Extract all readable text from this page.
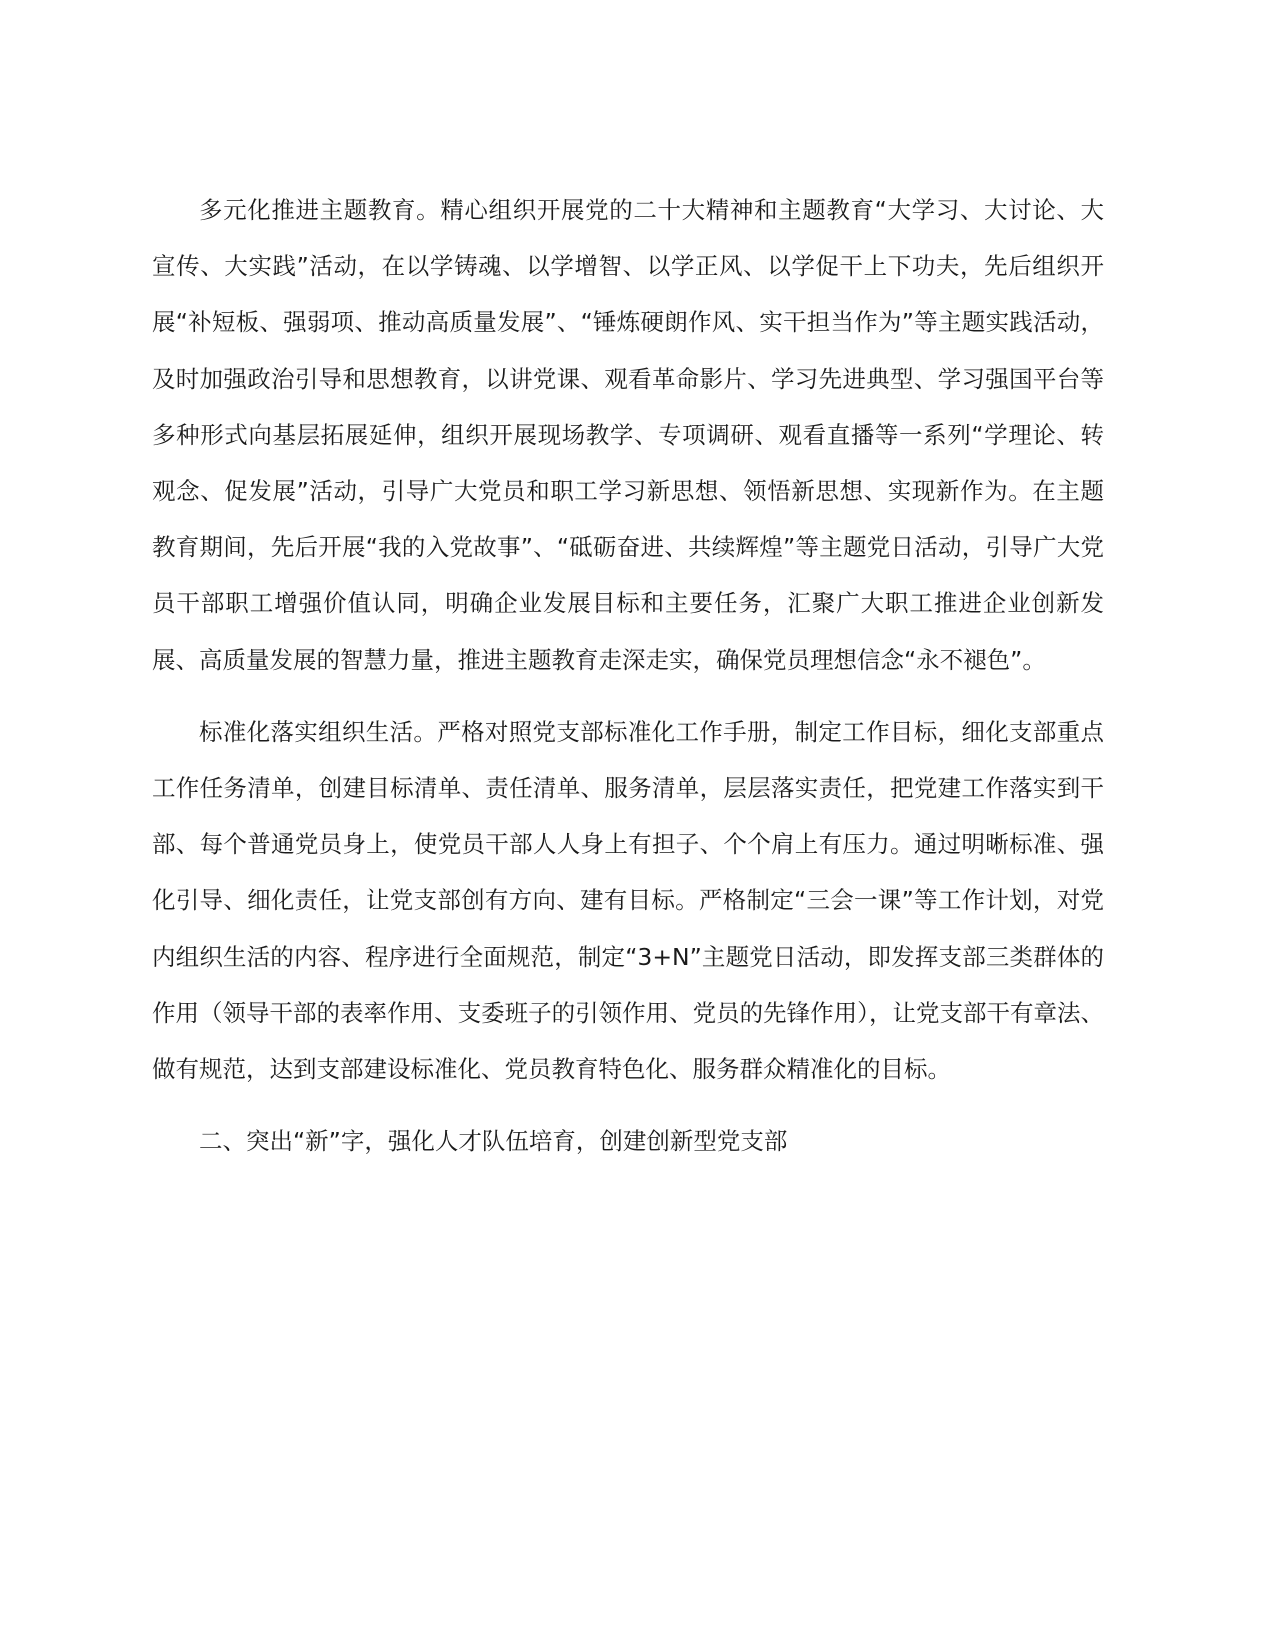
多元化推进主题教育。精心组织开展党的二十大精神和主题教育“大学习、大讨论、大宣传、大实践”活动，在以学铸魂、以学增智、以学正风、以学促干上下功夫，先后组织开展“补短板、强弱项、推动高质量发展”、“锤炼硬朗作风、实干担当作为”等主题实践活动，及时加强政治引导和思想教育，以讲党课、观看革命影片、学习先进典型、学习强国平台等多种形式向基层拓展延伸，组织开展现场教学、专项调研、观看直播等一系列“学理论、转观念、促发展”活动，引导广大党员和职工学习新思想、领悟新思想、实现新作为。在主题教育期间，先后开展“我的入党故事”、“砥砺奋进、共续辉煌”等主题党日活动，引导广大党员干部职工增强价值认同，明确企业发展目标和主要任务，汇聚广大职工推进企业创新发展、高质量发展的智慧力量，推进主题教育走深走实，确保党员理想信念“永不褪色”。

标准化落实组织生活。严格对照党支部标准化工作手册，制定工作目标，细化支部重点工作任务清单，创建目标清单、责任清单、服务清单，层层落实责任，把党建工作落实到干部、每个普通党员身上，使党员干部人人身上有担子、个个肩上有压力。通过明晰标准、强化引导、细化责任，让党支部创有方向、建有目标。严格制定“三会一课”等工作计划，对党内组织生活的内容、程序进行全面规范，制定“3+N”主题党日活动，即发挥支部三类群体的作用（领导干部的表率作用、支委班子的引领作用、党员的先锋作用），让党支部干有章法、做有规范，达到支部建设标准化、党员教育特色化、服务群众精准化的目标。

二、突出“新”字，强化人才队伍培育，创建创新型党支部
